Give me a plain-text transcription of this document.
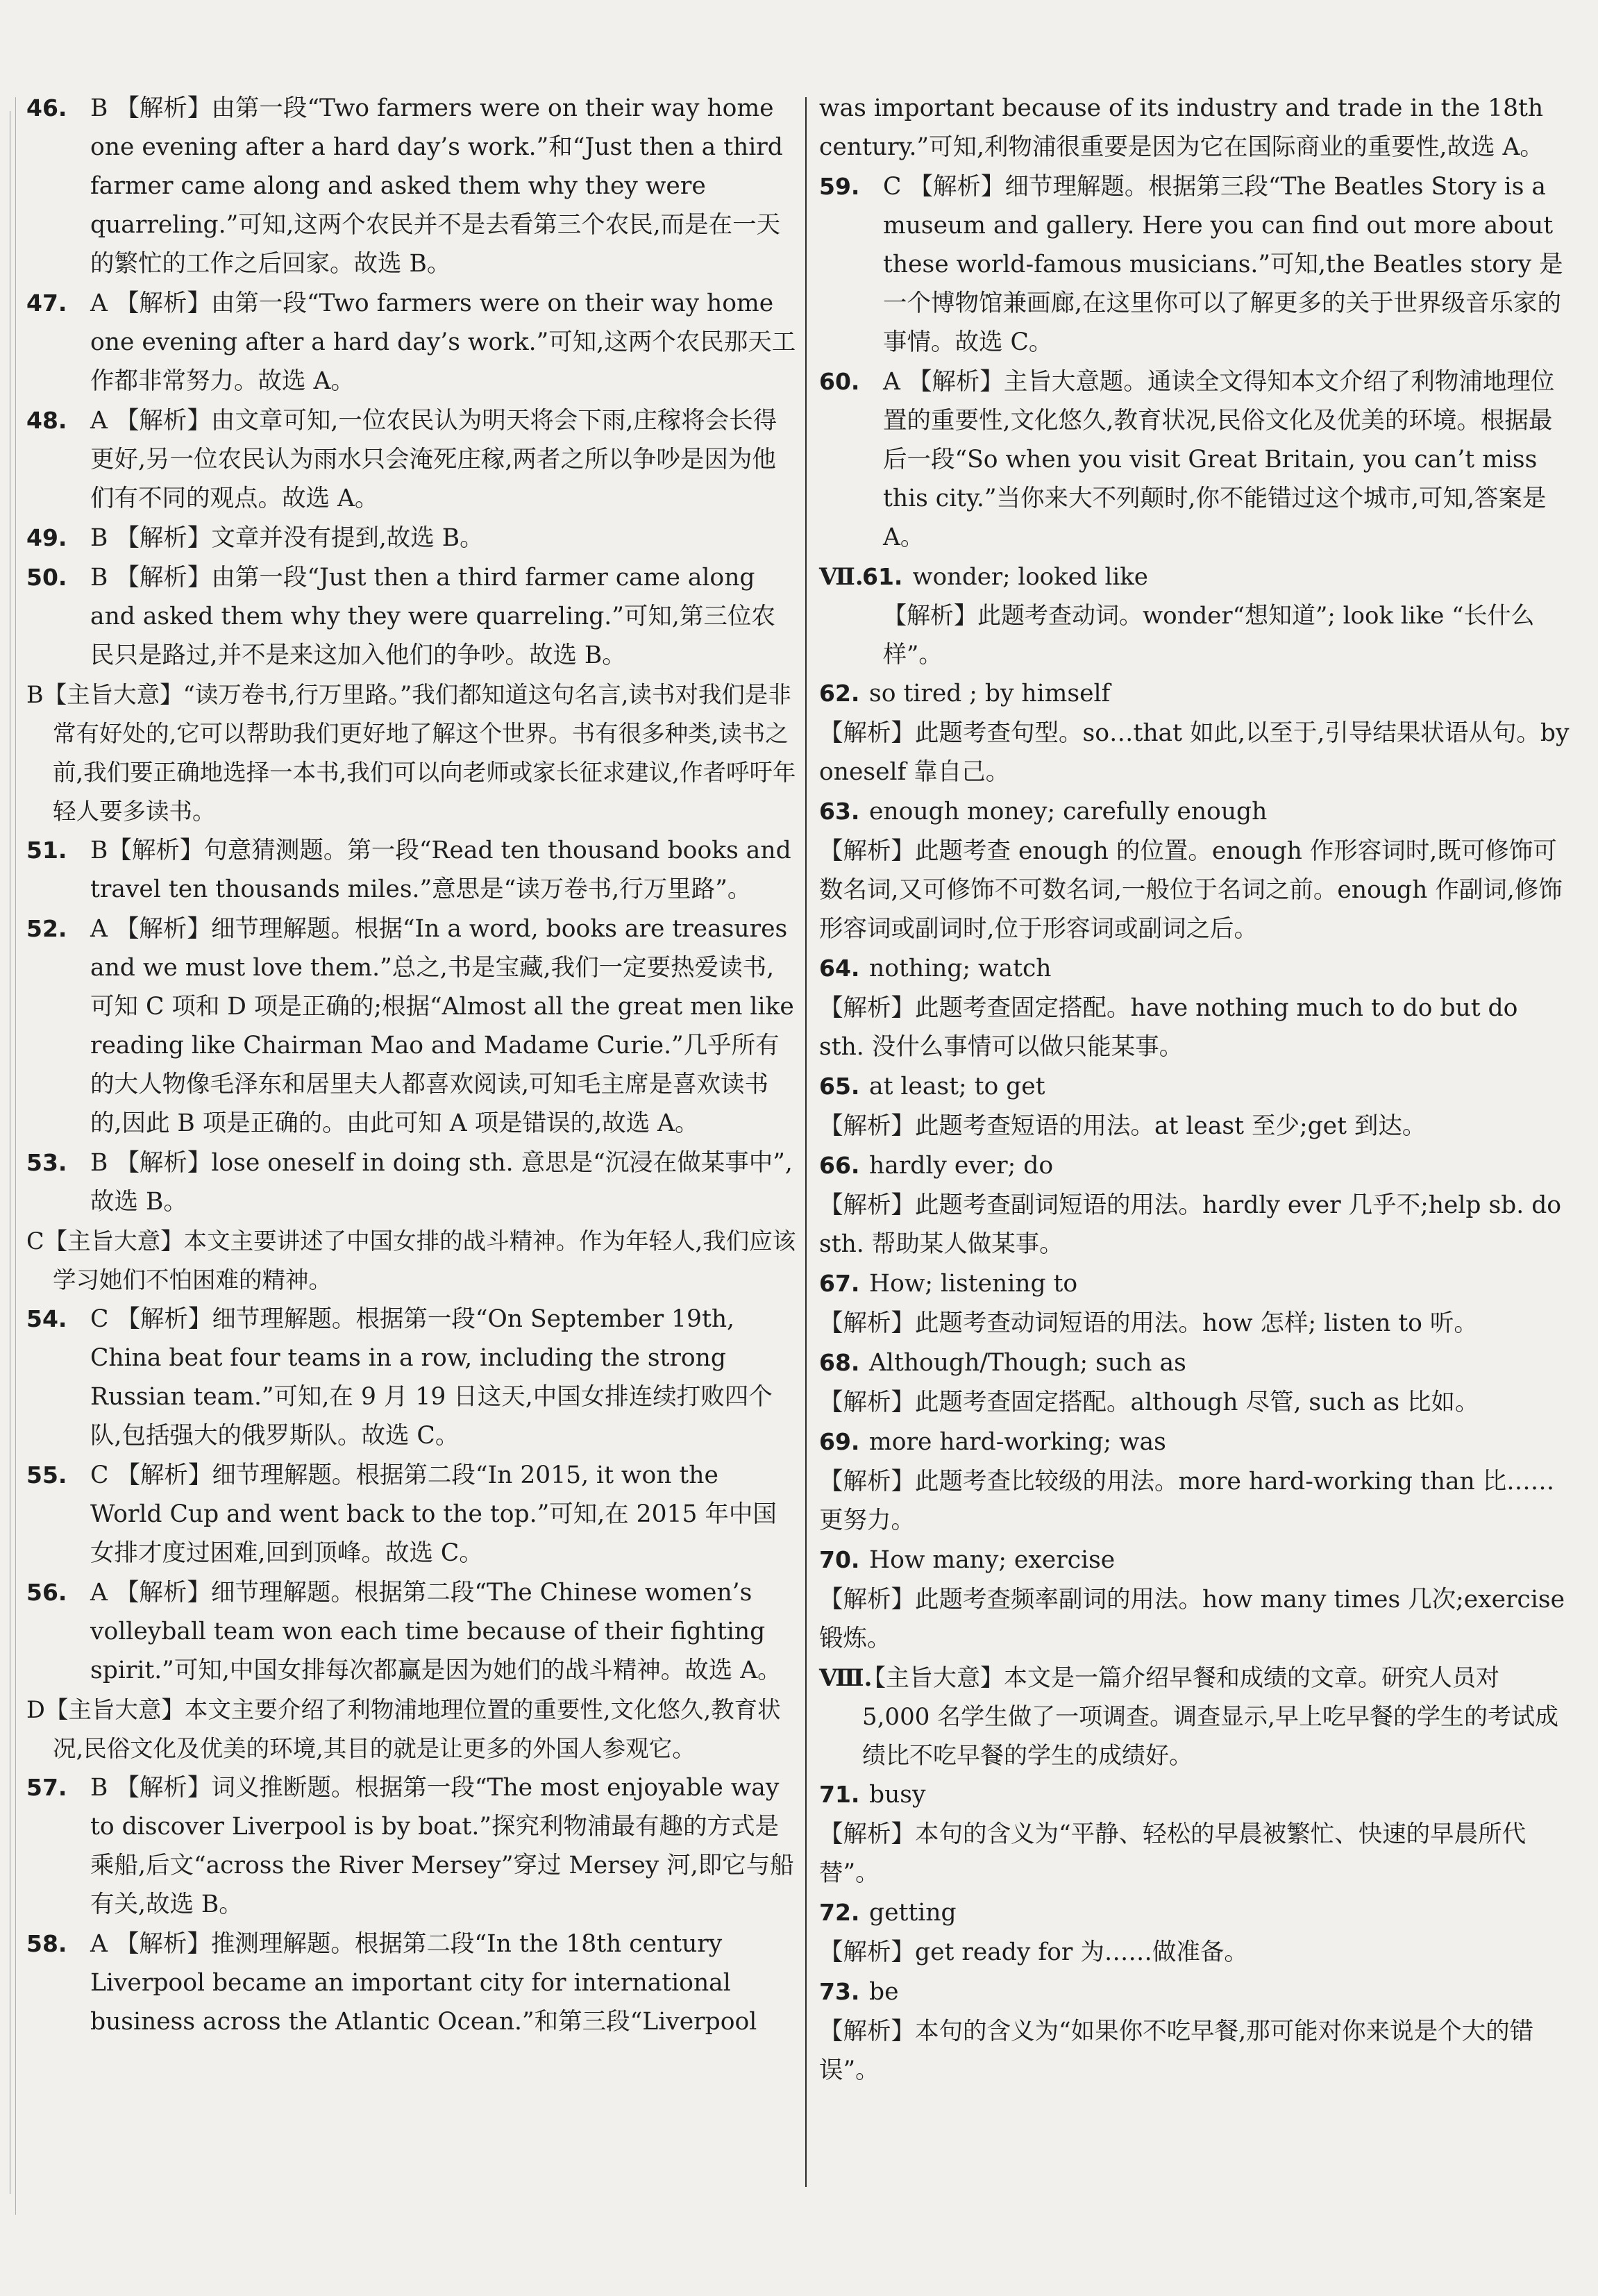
46. B 【解析】由第一段“Two farmers were on their way home one evening after a hard day’s work.”和“Just then a third farmer came along and asked them why they were quarreling.”可知,这两个农民并不是去看第三个农民,而是在一天的繁忙的工作之后回家。故选 B。
47. A 【解析】由第一段“Two farmers were on their way home one evening after a hard day’s work.”可知,这两个农民那天工作都非常努力。故选 A。
48. A 【解析】由文章可知,一位农民认为明天将会下雨,庄稼将会长得更好,另一位农民认为雨水只会淹死庄稼,两者之所以争吵是因为他们有不同的观点。故选 A。
49. B 【解析】文章并没有提到,故选 B。
50. B 【解析】由第一段“Just then a third farmer came along and asked them why they were quarreling.”可知,第三位农民只是路过,并不是来这加入他们的争吵。故选 B。
B【主旨大意】“读万卷书,行万里路。”我们都知道这句名言,读书对我们是非常有好处的,它可以帮助我们更好地了解这个世界。书有很多种类,读书之前,我们要正确地选择一本书,我们可以向老师或家长征求建议,作者呼吁年轻人要多读书。
51. B【解析】句意猜测题。第一段“Read ten thousand books and travel ten thousands miles.”意思是“读万卷书,行万里路”。
52. A 【解析】细节理解题。根据“In a word, books are treasures and we must love them.”总之,书是宝藏,我们一定要热爱读书,可知 C 项和 D 项是正确的;根据“Almost all the great men like reading like Chairman Mao and Madame Curie.”几乎所有的大人物像毛泽东和居里夫人都喜欢阅读,可知毛主席是喜欢读书的,因此 B 项是正确的。由此可知 A 项是错误的,故选 A。
53. B 【解析】lose oneself in doing sth. 意思是“沉浸在做某事中”,故选 B。
C【主旨大意】本文主要讲述了中国女排的战斗精神。作为年轻人,我们应该学习她们不怕困难的精神。
54. C 【解析】细节理解题。根据第一段“On September 19th, China beat four teams in a row, including the strong Russian team.”可知,在 9 月 19 日这天,中国女排连续打败四个队,包括强大的俄罗斯队。故选 C。
55. C 【解析】细节理解题。根据第二段“In 2015, it won the World Cup and went back to the top.”可知,在 2015 年中国女排才度过困难,回到顶峰。故选 C。
56. A 【解析】细节理解题。根据第二段“The Chinese women’s volleyball team won each time because of their fighting spirit.”可知,中国女排每次都赢是因为她们的战斗精神。故选 A。
D【主旨大意】本文主要介绍了利物浦地理位置的重要性,文化悠久,教育状况,民俗文化及优美的环境,其目的就是让更多的外国人参观它。
57. B 【解析】词义推断题。根据第一段“The most enjoyable way to discover Liverpool is by boat.”探究利物浦最有趣的方式是乘船,后文“across the River Mersey”穿过 Mersey 河,即它与船有关,故选 B。
58. A 【解析】推测理解题。根据第二段“In the 18th century Liverpool became an important city for international business across the Atlantic Ocean.”和第三段“Liverpool
was important because of its industry and trade in the 18th century.”可知,利物浦很重要是因为它在国际商业的重要性,故选 A。
59. C 【解析】细节理解题。根据第三段“The Beatles Story is a museum and gallery. Here you can find out more about these world-famous musicians.”可知,the Beatles story 是一个博物馆兼画廊,在这里你可以了解更多的关于世界级音乐家的事情。故选 C。
60. A 【解析】主旨大意题。通读全文得知本文介绍了利物浦地理位置的重要性,文化悠久,教育状况,民俗文化及优美的环境。根据最后一段“So when you visit Great Britain, you can’t miss this city.”当你来大不列颠时,你不能错过这个城市,可知,答案是 A。
Ⅶ.61. wonder; looked like
【解析】此题考查动词。wonder“想知道”; look like “长什么样”。
62. so tired ; by himself
【解析】此题考查句型。so…that 如此,以至于,引导结果状语从句。by oneself 靠自己。
63. enough money; carefully enough
【解析】此题考查 enough 的位置。enough 作形容词时,既可修饰可数名词,又可修饰不可数名词,一般位于名词之前。enough 作副词,修饰形容词或副词时,位于形容词或副词之后。
64. nothing; watch
【解析】此题考查固定搭配。have nothing much to do but do sth. 没什么事情可以做只能某事。
65. at least; to get
【解析】此题考查短语的用法。at least 至少;get 到达。
66. hardly ever; do
【解析】此题考查副词短语的用法。hardly ever 几乎不;help sb. do sth. 帮助某人做某事。
67. How; listening to
【解析】此题考查动词短语的用法。how 怎样; listen to 听。
68. Although/Though; such as
【解析】此题考查固定搭配。although 尽管, such as 比如。
69. more hard-working; was
【解析】此题考查比较级的用法。more hard-working than 比……更努力。
70. How many; exercise
【解析】此题考查频率副词的用法。how many times 几次;exercise 锻炼。
Ⅷ.【主旨大意】本文是一篇介绍早餐和成绩的文章。研究人员对 5,000 名学生做了一项调查。调查显示,早上吃早餐的学生的考试成绩比不吃早餐的学生的成绩好。
71. busy
【解析】本句的含义为“平静、轻松的早晨被繁忙、快速的早晨所代替”。
72. getting
【解析】get ready for 为……做准备。
73. be
【解析】本句的含义为“如果你不吃早餐,那可能对你来说是个大的错误”。
